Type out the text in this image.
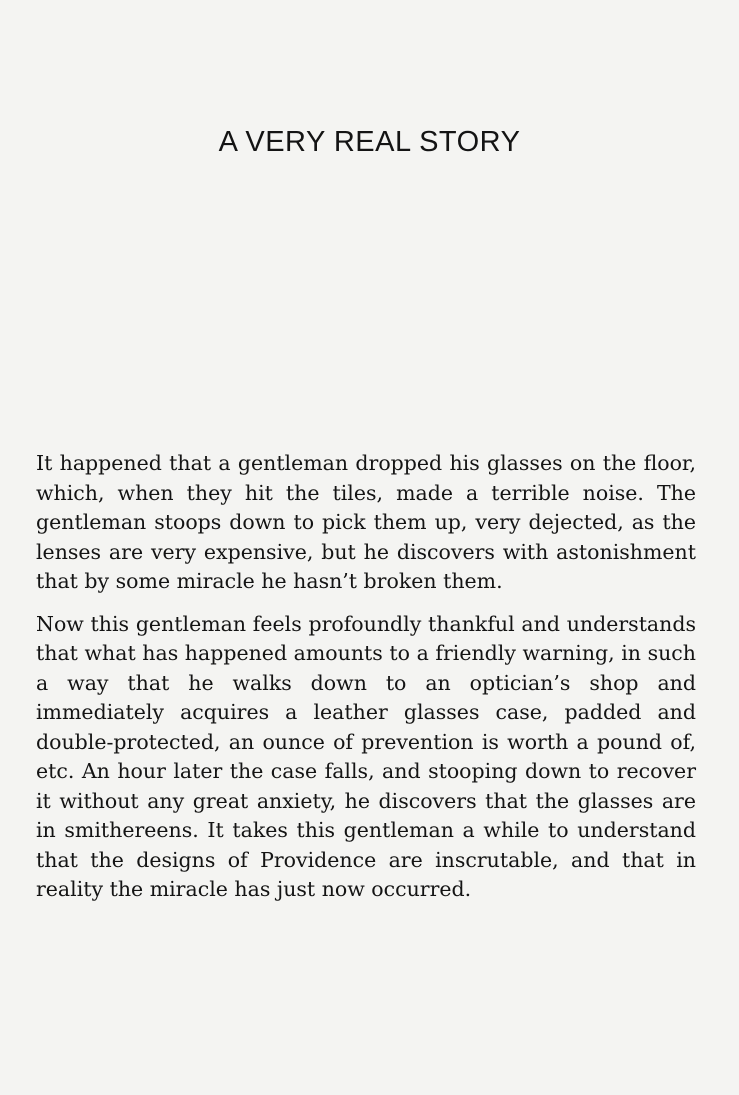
A VERY REAL STORY

It happened that a gentleman dropped his glasses on the floor, which, when they hit the tiles, made a terrible noise. The gentleman stoops down to pick them up, very dejected, as the lenses are very expensive, but he discovers with astonishment that by some miracle he hasn’t broken them.

Now this gentleman feels profoundly thankful and understands that what has happened amounts to a friendly warning, in such a way that he walks down to an optician’s shop and immediately acquires a leather glasses case, padded and double-protected, an ounce of prevention is worth a pound of, etc. An hour later the case falls, and stooping down to recover it without any great anxiety, he discovers that the glasses are in smithereens. It takes this gentleman a while to understand that the designs of Providence are inscrutable, and that in reality the miracle has just now occurred.
